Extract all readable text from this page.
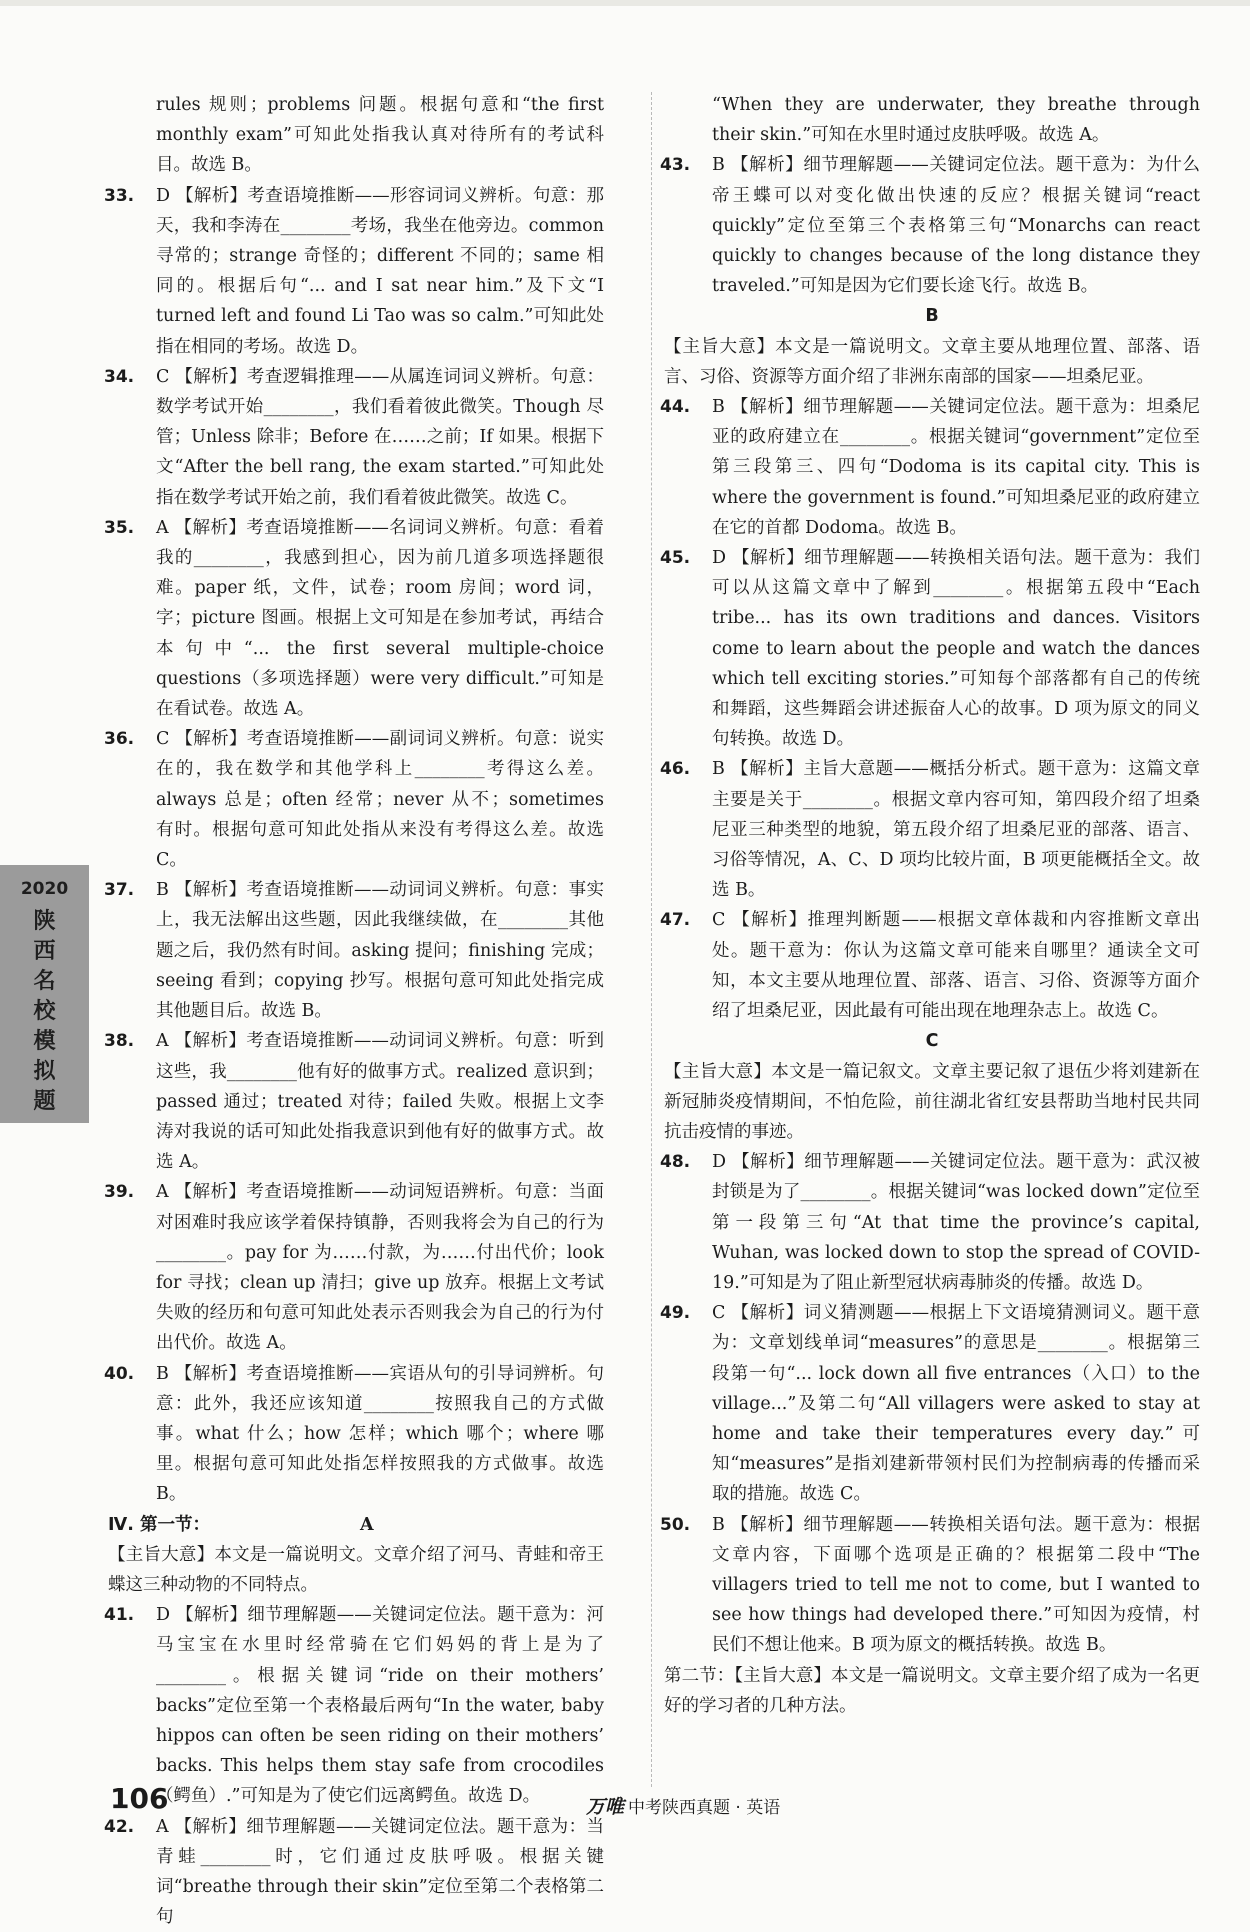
rules 规则；problems 问题。根据句意和“the first monthly exam”可知此处指我认真对待所有的考试科目。故选 B。

33. D 【解析】考查语境推断——形容词词义辨析。句意：那天，我和李涛在________考场，我坐在他旁边。common 寻常的；strange 奇怪的；different 不同的；same 相同的。根据后句“... and I sat near him.”及下文“I turned left and found Li Tao was so calm.”可知此处指在相同的考场。故选 D。

34. C 【解析】考查逻辑推理——从属连词词义辨析。句意：数学考试开始________，我们看着彼此微笑。Though 尽管；Unless 除非；Before 在……之前；If 如果。根据下文“After the bell rang, the exam started.”可知此处指在数学考试开始之前，我们看着彼此微笑。故选 C。

35. A 【解析】考查语境推断——名词词义辨析。句意：看着我的________，我感到担心，因为前几道多项选择题很难。paper 纸，文件，试卷；room 房间；word 词，字；picture 图画。根据上文可知是在参加考试，再结合本句中“... the first several multiple-choice questions（多项选择题）were very difficult.”可知是在看试卷。故选 A。

36. C 【解析】考查语境推断——副词词义辨析。句意：说实在的，我在数学和其他学科上________考得这么差。always 总是；often 经常；never 从不；sometimes 有时。根据句意可知此处指从来没有考得这么差。故选 C。

37. B 【解析】考查语境推断——动词词义辨析。句意：事实上，我无法解出这些题，因此我继续做，在________其他题之后，我仍然有时间。asking 提问；finishing 完成；seeing 看到；copying 抄写。根据句意可知此处指完成其他题目后。故选 B。

38. A 【解析】考查语境推断——动词词义辨析。句意：听到这些，我________他有好的做事方式。realized 意识到；passed 通过；treated 对待；failed 失败。根据上文李涛对我说的话可知此处指我意识到他有好的做事方式。故选 A。

39. A 【解析】考查语境推断——动词短语辨析。句意：当面对困难时我应该学着保持镇静，否则我将会为自己的行为________。pay for 为……付款，为……付出代价；look for 寻找；clean up 清扫；give up 放弃。根据上文考试失败的经历和句意可知此处表示否则我会为自己的行为付出代价。故选 A。

40. B 【解析】考查语境推断——宾语从句的引导词辨析。句意：此外，我还应该知道________按照我自己的方式做事。what 什么；how 怎样；which 哪个；where 哪里。根据句意可知此处指怎样按照我的方式做事。故选 B。

Ⅳ. 第一节：	A

【主旨大意】本文是一篇说明文。文章介绍了河马、青蛙和帝王蝶这三种动物的不同特点。

41. D 【解析】细节理解题——关键词定位法。题干意为：河马宝宝在水里时经常骑在它们妈妈的背上是为了________。根据关键词“ride on their mothers’ backs”定位至第一个表格最后两句“In the water, baby hippos can often be seen riding on their mothers’ backs. This helps them stay safe from crocodiles（鳄鱼）.”可知是为了使它们远离鳄鱼。故选 D。

42. A 【解析】细节理解题——关键词定位法。题干意为：当青蛙________时，它们通过皮肤呼吸。根据关键词“breathe through their skin”定位至第二个表格第二句

“When they are underwater, they breathe through their skin.”可知在水里时通过皮肤呼吸。故选 A。

43. B 【解析】细节理解题——关键词定位法。题干意为：为什么帝王蝶可以对变化做出快速的反应？根据关键词“react quickly”定位至第三个表格第三句“Monarchs can react quickly to changes because of the long distance they traveled.”可知是因为它们要长途飞行。故选 B。

B

【主旨大意】本文是一篇说明文。文章主要从地理位置、部落、语言、习俗、资源等方面介绍了非洲东南部的国家——坦桑尼亚。

44. B 【解析】细节理解题——关键词定位法。题干意为：坦桑尼亚的政府建立在________。根据关键词“government”定位至第三段第三、四句“Dodoma is its capital city. This is where the government is found.”可知坦桑尼亚的政府建立在它的首都 Dodoma。故选 B。

45. D 【解析】细节理解题——转换相关语句法。题干意为：我们可以从这篇文章中了解到________。根据第五段中“Each tribe... has its own traditions and dances. Visitors come to learn about the people and watch the dances which tell exciting stories.”可知每个部落都有自己的传统和舞蹈，这些舞蹈会讲述振奋人心的故事。D 项为原文的同义句转换。故选 D。

46. B 【解析】主旨大意题——概括分析式。题干意为：这篇文章主要是关于________。根据文章内容可知，第四段介绍了坦桑尼亚三种类型的地貌，第五段介绍了坦桑尼亚的部落、语言、习俗等情况，A、C、D 项均比较片面，B 项更能概括全文。故选 B。

47. C 【解析】推理判断题——根据文章体裁和内容推断文章出处。题干意为：你认为这篇文章可能来自哪里？通读全文可知，本文主要从地理位置、部落、语言、习俗、资源等方面介绍了坦桑尼亚，因此最有可能出现在地理杂志上。故选 C。

C

【主旨大意】本文是一篇记叙文。文章主要记叙了退伍少将刘建新在新冠肺炎疫情期间，不怕危险，前往湖北省红安县帮助当地村民共同抗击疫情的事迹。

48. D 【解析】细节理解题——关键词定位法。题干意为：武汉被封锁是为了________。根据关键词“was locked down”定位至第一段第三句“At that time the province’s capital, Wuhan, was locked down to stop the spread of COVID-19.”可知是为了阻止新型冠状病毒肺炎的传播。故选 D。

49. C 【解析】词义猜测题——根据上下文语境猜测词义。题干意为：文章划线单词“measures”的意思是________。根据第三段第一句“... lock down all five entrances（入口）to the village...”及第二句“All villagers were asked to stay at home and take their temperatures every day.”可知“measures”是指刘建新带领村民们为控制病毒的传播而采取的措施。故选 C。

50. B 【解析】细节理解题——转换相关语句法。题干意为：根据文章内容，下面哪个选项是正确的？根据第二段中“The villagers tried to tell me not to come, but I wanted to see how things had developed there.”可知因为疫情，村民们不想让他来。B 项为原文的概括转换。故选 B。

第二节：【主旨大意】本文是一篇说明文。文章主要介绍了成为一名更好的学习者的几种方法。

2020
陕西名校模拟题
106	万唯 中考陕西真题 · 英语
